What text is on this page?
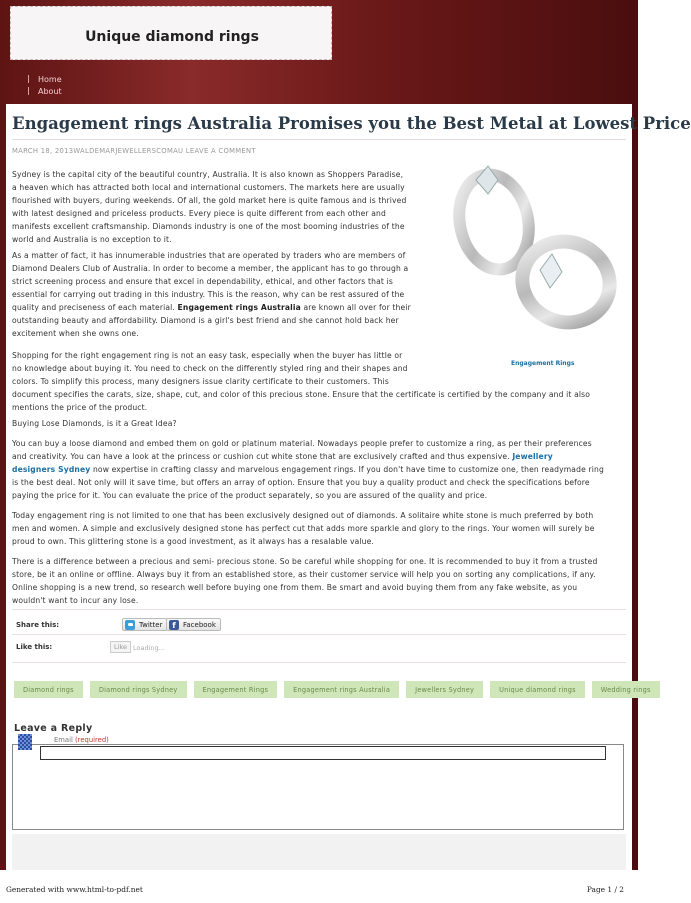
Unique diamond rings
Home
About
Engagement rings Australia Promises you the Best Metal at Lowest Price
MARCH 18, 2013WALDEMARJEWELLERSCOMAU LEAVE A COMMENT
Sydney is the capital city of the beautiful country, Australia. It is also known as Shoppers Paradise,
a heaven which has attracted both local and international customers. The markets here are usually
flourished with buyers, during weekends. Of all, the gold market here is quite famous and is thrived
with latest designed and priceless products. Every piece is quite different from each other and
manifests excellent craftsmanship. Diamonds industry is one of the most booming industries of the
world and Australia is no exception to it.
As a matter of fact, it has innumerable industries that are operated by traders who are members of
Diamond Dealers Club of Australia. In order to become a member, the applicant has to go through a
strict screening process and ensure that excel in dependability, ethical, and other factors that is
essential for carrying out trading in this industry. This is the reason, why can be rest assured of the
quality and preciseness of each material. Engagement rings Australia are known all over for their
outstanding beauty and affordability. Diamond is a girl's best friend and she cannot hold back her
excitement when she owns one.
Engagement Rings
Shopping for the right engagement ring is not an easy task, especially when the buyer has little or
no knowledge about buying it. You need to check on the differently styled ring and their shapes and
colors. To simplify this process, many designers issue clarity certificate to their customers. This
document specifies the carats, size, shape, cut, and color of this precious stone. Ensure that the certificate is certified by the company and it also
mentions the price of the product.
Buying Lose Diamonds, is it a Great Idea?
You can buy a loose diamond and embed them on gold or platinum material. Nowadays people prefer to customize a ring, as per their preferences
and creativity. You can have a look at the princess or cushion cut white stone that are exclusively crafted and thus expensive. Jewellery
designers Sydney now expertise in crafting classy and marvelous engagement rings. If you don't have time to customize one, then readymade ring
is the best deal. Not only will it save time, but offers an array of option. Ensure that you buy a quality product and check the specifications before
paying the price for it. You can evaluate the price of the product separately, so you are assured of the quality and price.
Today engagement ring is not limited to one that has been exclusively designed out of diamonds. A solitaire white stone is much preferred by both
men and women. A simple and exclusively designed stone has perfect cut that adds more sparkle and glory to the rings. Your women will surely be
proud to own. This glittering stone is a good investment, as it always has a resalable value.
There is a difference between a precious and semi- precious stone. So be careful while shopping for one. It is recommended to buy it from a trusted
store, be it an online or offline. Always buy it from an established store, as their customer service will help you on sorting any complications, if any.
Online shopping is a new trend, so research well before buying one from them. Be smart and avoid buying them from any fake website, as you
wouldn't want to incur any lose.
Share this:	Twitter	f	Facebook
Like this:	Like Loading...
Diamond rings	Diamond rings Sydney	Engagement Rings	Engagement rings Australia	Jewellers Sydney	Unique diamond rings	Wedding rings
Leave a Reply
Email (required)
Generated with www.html-to-pdf.net	Page 1 / 2
